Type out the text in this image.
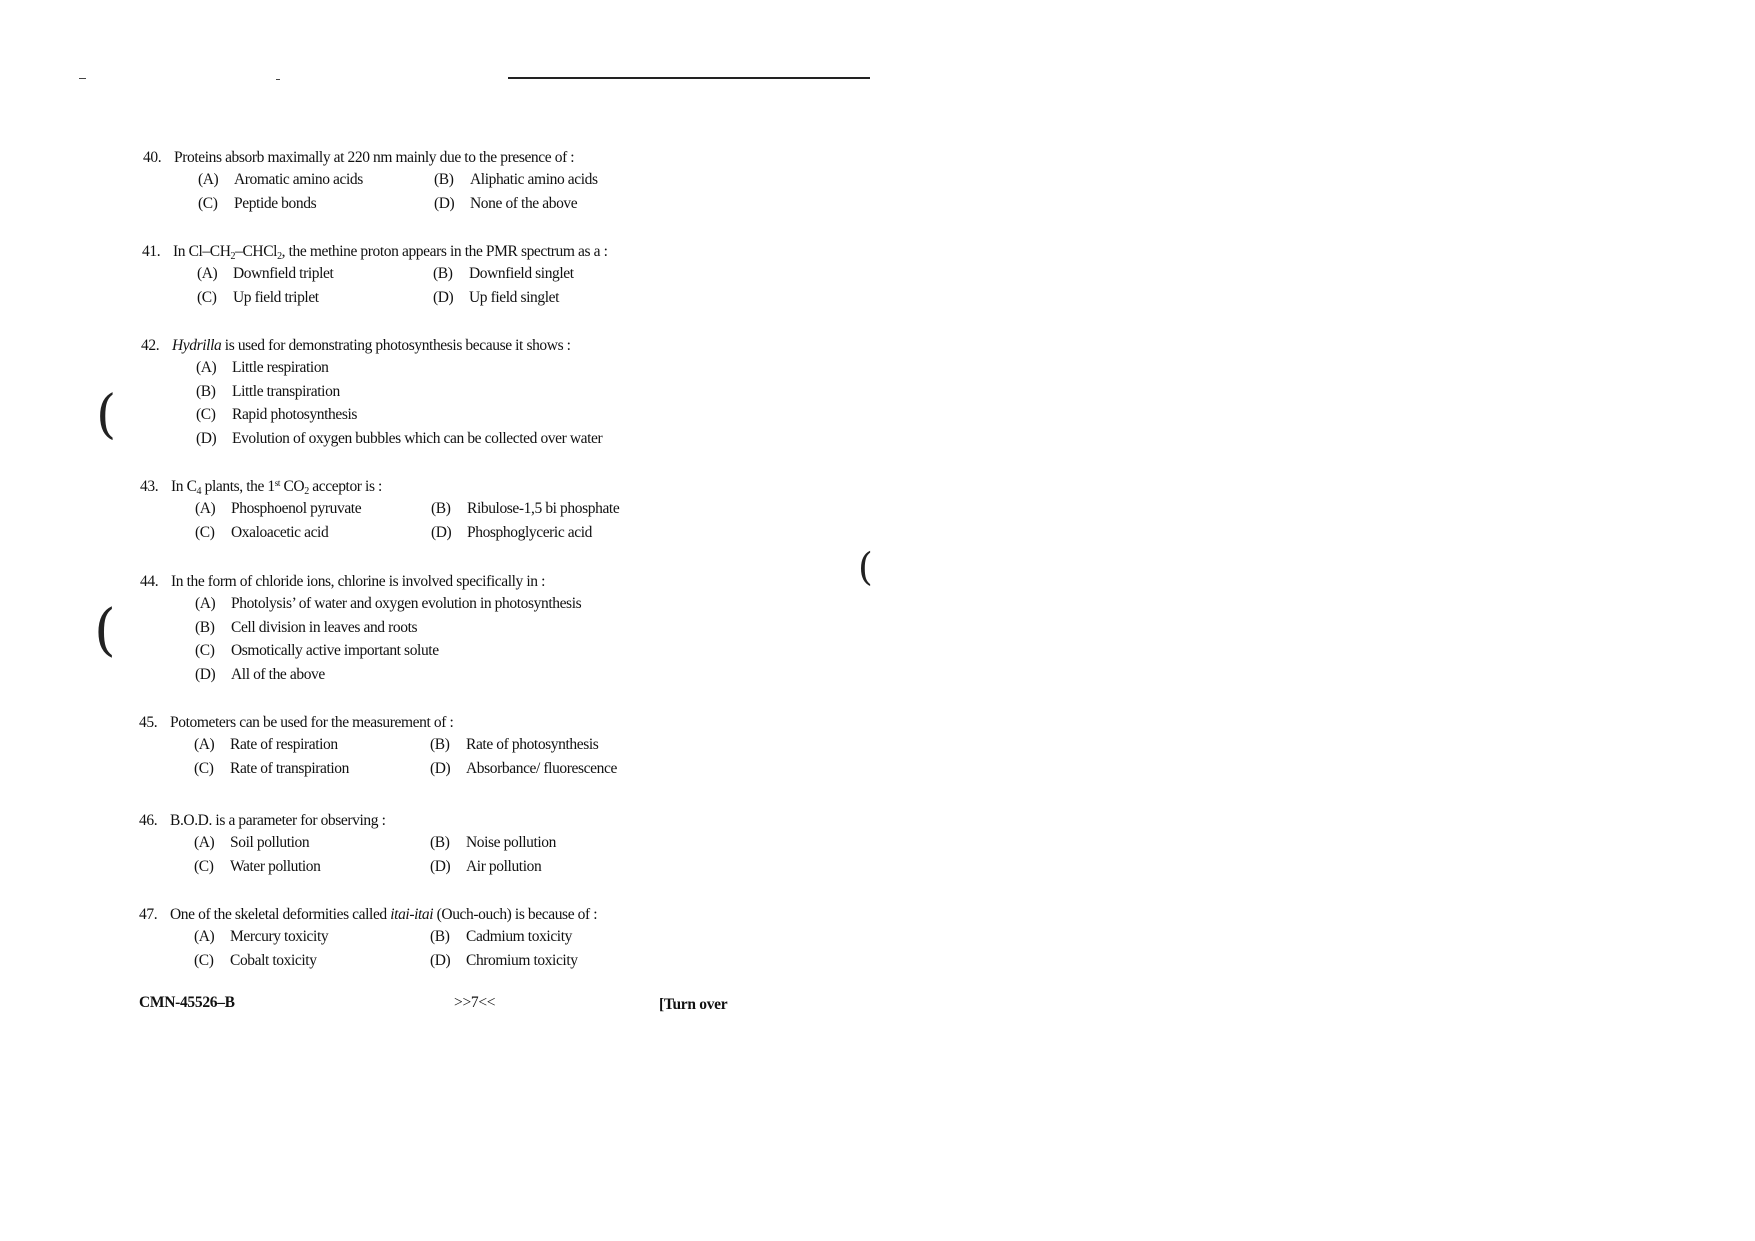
(
(
(
40. Proteins absorb maximally at 220 nm mainly due to the presence of :
(A) Aromatic amino acids	(B) Aliphatic amino acids
(C) Peptide bonds	(D) None of the above
41. In $Cl-CH_2-CHCl_2$, the methine proton appears in the PMR spectrum as a :
(A) Downfield triplet	(B) Downfield singlet
(C) Up field triplet	(D) Up field singlet
42. Hydrilla is used for demonstrating photosynthesis because it shows :
(A) Little respiration
(B) Little transpiration
(C) Rapid photosynthesis
(D) Evolution of oxygen bubbles which can be collected over water
43. In $C_4$ plants, the 1st $CO_2$ acceptor is :
(A) Phosphoenol pyruvate	(B) Ribulose-1,5 bi phosphate
(C) Oxaloacetic acid	(D) Phosphoglyceric acid
44. In the form of chloride ions, chlorine is involved specifically in :
(A) Photolysis’ of water and oxygen evolution in photosynthesis
(B) Cell division in leaves and roots
(C) Osmotically active important solute
(D) All of the above
45. Potometers can be used for the measurement of :
(A) Rate of respiration	(B) Rate of photosynthesis
(C) Rate of transpiration	(D) Absorbance/ fluorescence
46. B.O.D. is a parameter for observing :
(A) Soil pollution	(B) Noise pollution
(C) Water pollution	(D) Air pollution
47. One of the skeletal deformities called itai-itai (Ouch-ouch) is because of :
(A) Mercury toxicity	(B) Cadmium toxicity
(C) Cobalt toxicity	(D) Chromium toxicity
CMN-45526–B	>>7<<	[Turn over
